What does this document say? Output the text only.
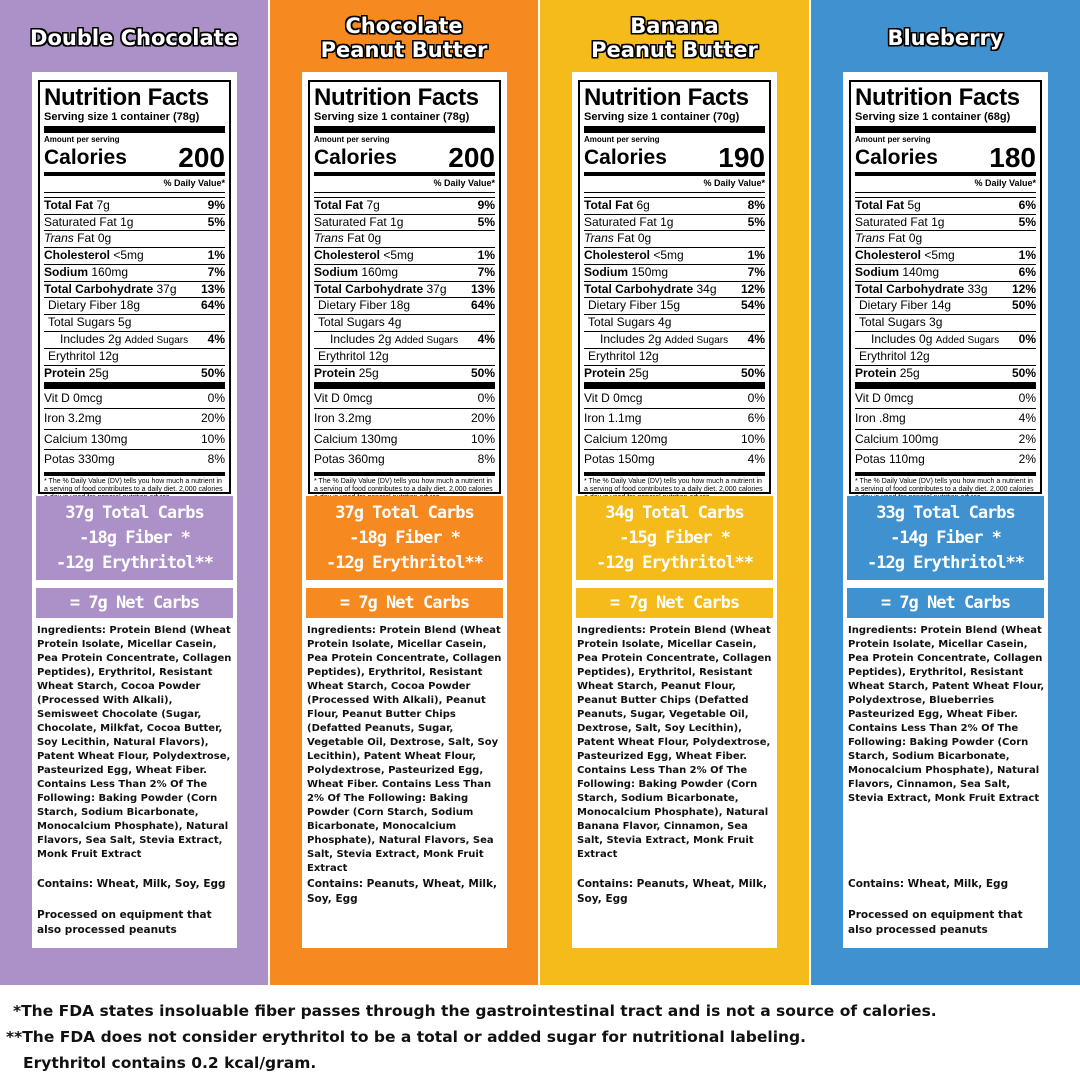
Double Chocolate
Nutrition Facts
Serving size 1 container (78g)
Amount per serving
Calories 200
% Daily Value*
Total Fat 7g	9%
Saturated Fat 1g	5%
Trans Fat 0g
Cholesterol <5mg	1%
Sodium 160mg	7%
Total Carbohydrate 37g 13%
Dietary Fiber 18g	64%
Total Sugars 5g
Includes 2g Added Sugars 4%
Erythritol 12g
Protein 25g	50%
Vit D 0mcg	0%
Iron 3.2mg	20%
Calcium 130mg	10%
Potas 330mg	8%
* The % Daily Value (DV) tells you how much a nutrient in
a serving of food contributes to a daily diet. 2,000 calories
37g Total Carbs
-18g Fiber *
-12g Erythritol**
= 7g Net Carbs
Ingredients: Protein Blend (Wheat Protein Isolate, Micellar Casein, Pea Protein Concentrate, Collagen Peptides), Erythritol, Resistant Wheat Starch, Cocoa Powder (Processed With Alkali), Semisweet Chocolate (Sugar, Chocolate, Milkfat, Cocoa Butter, Soy Lecithin, Natural Flavors), Patent Wheat Flour, Polydextrose, Pasteurized Egg, Wheat Fiber. Contains Less Than 2% Of The Following: Baking Powder (Corn Starch, Sodium Bicarbonate, Monocalcium Phosphate), Natural Flavors, Sea Salt, Stevia Extract, Monk Fruit Extract
Contains: Wheat, Milk, Soy, Egg
Processed on equipment that also processed peanuts
Chocolate
Peanut Butter
Nutrition Facts
Serving size 1 container (78g)
Amount per serving
Calories 200
% Daily Value*
Total Fat 7g	9%
Saturated Fat 1g	5%
Trans Fat 0g
Cholesterol <5mg	1%
Sodium 160mg	7%
Total Carbohydrate 37g 13%
Dietary Fiber 18g	64%
Total Sugars 4g
Includes 2g Added Sugars 4%
Erythritol 12g
Protein 25g	50%
Vit D 0mcg	0%
Iron 3.2mg	20%
Calcium 130mg	10%
Potas 360mg	8%
* The % Daily Value (DV) tells you how much a nutrient in
a serving of food contributes to a daily diet. 2,000 calories
37g Total Carbs
-18g Fiber *
-12g Erythritol**
= 7g Net Carbs
Ingredients: Protein Blend (Wheat Protein Isolate, Micellar Casein, Pea Protein Concentrate, Collagen Peptides), Erythritol, Resistant Wheat Starch, Cocoa Powder (Processed With Alkali), Peanut Flour, Peanut Butter Chips (Defatted Peanuts, Sugar, Vegetable Oil, Dextrose, Salt, Soy Lecithin), Patent Wheat Flour, Polydextrose, Pasteurized Egg, Wheat Fiber. Contains Less Than 2% Of The Following: Baking Powder (Corn Starch, Sodium Bicarbonate, Monocalcium Phosphate), Natural Flavors, Sea Salt, Stevia Extract, Monk Fruit Extract
Contains: Peanuts, Wheat, Milk, Soy, Egg
Banana
Peanut Butter
Nutrition Facts
Serving size 1 container (70g)
Amount per serving
Calories 190
% Daily Value*
Total Fat 6g	8%
Saturated Fat 1g	5%
Trans Fat 0g
Cholesterol <5mg	1%
Sodium 150mg	7%
Total Carbohydrate 34g 12%
Dietary Fiber 15g	54%
Total Sugars 4g
Includes 2g Added Sugars 4%
Erythritol 12g
Protein 25g	50%
Vit D 0mcg	0%
Iron 1.1mg	6%
Calcium 120mg	10%
Potas 150mg	4%
* The % Daily Value (DV) tells you how much a nutrient in
a serving of food contributes to a daily diet. 2,000 calories
34g Total Carbs
-15g Fiber *
-12g Erythritol**
= 7g Net Carbs
Ingredients: Protein Blend (Wheat Protein Isolate, Micellar Casein, Pea Protein Concentrate, Collagen Peptides), Erythritol, Resistant Wheat Starch, Peanut Flour, Peanut Butter Chips (Defatted Peanuts, Sugar, Vegetable Oil, Dextrose, Salt, Soy Lecithin), Patent Wheat Flour, Polydextrose, Pasteurized Egg, Wheat Fiber. Contains Less Than 2% Of The Following: Baking Powder (Corn Starch, Sodium Bicarbonate, Monocalcium Phosphate), Natural Banana Flavor, Cinnamon, Sea Salt, Stevia Extract, Monk Fruit Extract
Contains: Peanuts, Wheat, Milk, Soy, Egg
Blueberry
Nutrition Facts
Serving size 1 container (68g)
Amount per serving
Calories 180
% Daily Value*
Total Fat 5g	6%
Saturated Fat 1g	5%
Trans Fat 0g
Cholesterol <5mg	1%
Sodium 140mg	6%
Total Carbohydrate 33g 12%
Dietary Fiber 14g	50%
Total Sugars 3g
Includes 0g Added Sugars 0%
Erythritol 12g
Protein 25g	50%
Vit D 0mcg	0%
Iron .8mg	4%
Calcium 100mg	2%
Potas 110mg	2%
* The % Daily Value (DV) tells you how much a nutrient in
a serving of food contributes to a daily diet. 2,000 calories
33g Total Carbs
-14g Fiber *
-12g Erythritol**
= 7g Net Carbs
Ingredients: Protein Blend (Wheat Protein Isolate, Micellar Casein, Pea Protein Concentrate, Collagen Peptides), Erythritol, Resistant Wheat Starch, Patent Wheat Flour, Polydextrose, Blueberries Pasteurized Egg, Wheat Fiber. Contains Less Than 2% Of The Following: Baking Powder (Corn Starch, Sodium Bicarbonate, Monocalcium Phosphate), Natural Flavors, Cinnamon, Sea Salt, Stevia Extract, Monk Fruit Extract
Contains: Wheat, Milk, Egg
Processed on equipment that also processed peanuts
*The FDA states insoluable fiber passes through the gastrointestinal tract and is not a source of calories.
**The FDA does not consider erythritol to be a total or added sugar for nutritional labeling.
Erythritol contains 0.2 kcal/gram.
